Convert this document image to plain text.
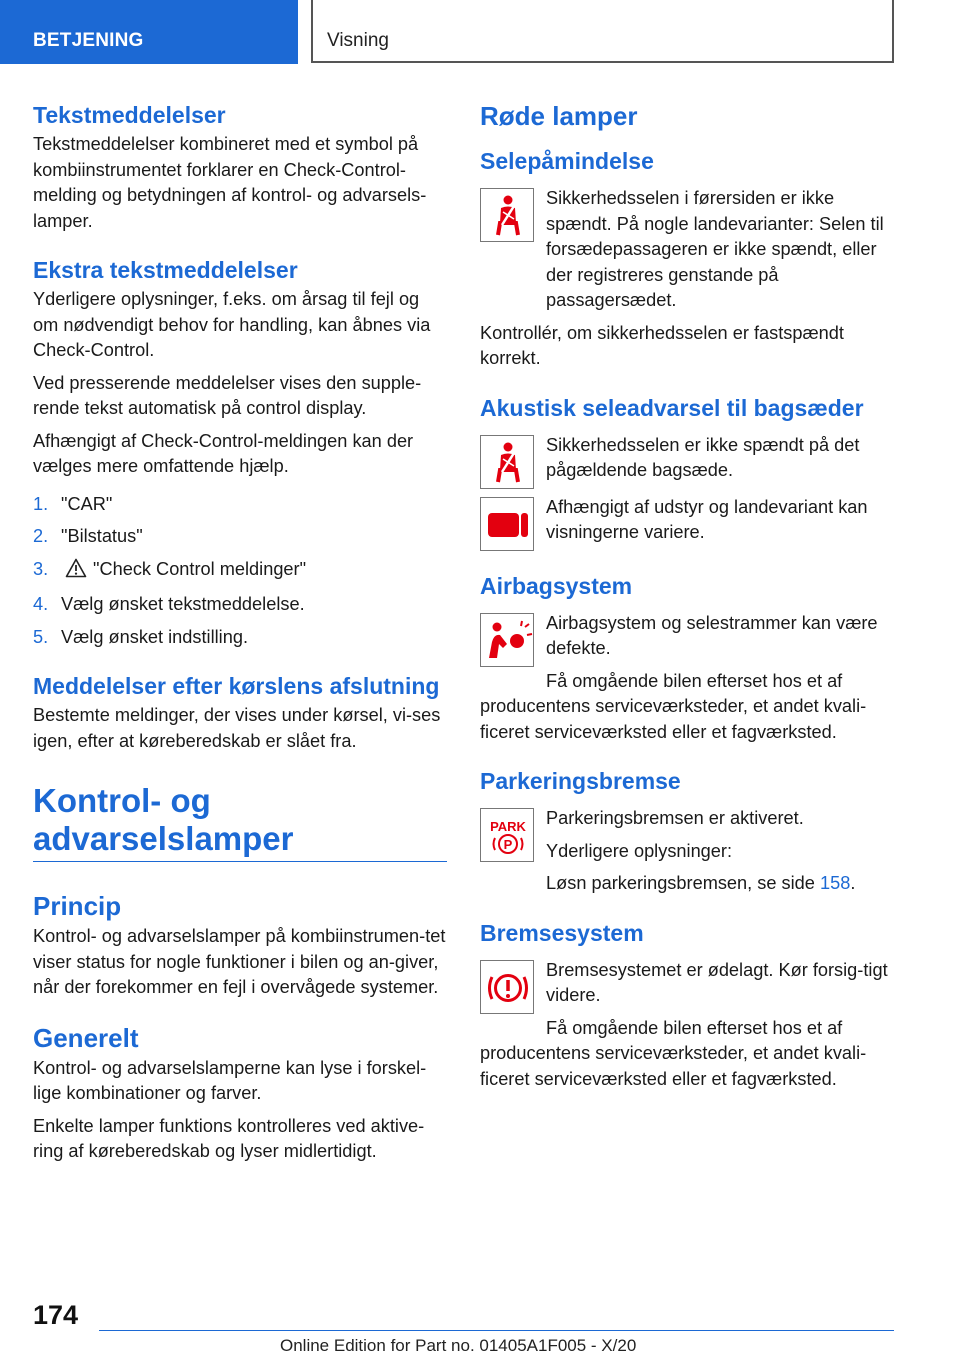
BETJENING	Visning
Tekstmeddelelser

Tekstmeddelelser kombineret med et symbol på kombiinstrumentet forklarer en Check-Control-melding og betydningen af kontrol- og advarsels-lamper.

Ekstra tekstmeddelelser

Yderligere oplysninger, f.eks. om årsag til fejl og om nødvendigt behov for handling, kan åbnes via Check-Control.

Ved presserende meddelelser vises den supple-rende tekst automatisk på control display.

Afhængigt af Check-Control-meldingen kan der vælges mere omfattende hjælp.

1. "CAR"
2. "Bilstatus"
3. "Check Control meldinger"
4. Vælg ønsket tekstmeddelelse.
5. Vælg ønsket indstilling.
Meddelelser efter kørslens afslutning

Bestemte meldinger, der vises under kørsel, vi-ses igen, efter at køreberedskab er slået fra.

Kontrol- og advarselslamper
Princip

Kontrol- og advarselslamper på kombiinstrumen-tet viser status for nogle funktioner i bilen og an-giver, når der forekommer en fejl i overvågede systemer.

Generelt

Kontrol- og advarselslamperne kan lyse i forskel-lige kombinationer og farver.

Enkelte lamper funktions kontrolleres ved aktive-ring af køreberedskab og lyser midlertidigt.

Røde lamper
Selepåmindelse

Sikkerhedsselen i førersiden er ikke spændt. På nogle landevarianter: Selen til forsædepassageren er ikke spændt, eller der registreres genstande på passagersædet.

Kontrollér, om sikkerhedsselen er fastspændt korrekt.

Akustisk seleadvarsel til bagsæder

Sikkerhedsselen er ikke spændt på det pågældende bagsæde.

Afhængigt af udstyr og landevariant kan visningerne variere.

Airbagsystem

Airbagsystem og selestrammer kan være defekte.

Få omgående bilen efterset hos et af producentens serviceværksteder, et andet kvali-ficeret serviceværksted eller et fagværksted.

Parkeringsbremse
PARK
P

Parkeringsbremsen er aktiveret.

Yderligere oplysninger:

Løsn parkeringsbremsen, se side 158.

Bremsesystem

Bremsesystemet er ødelagt. Kør forsig-tigt videre.

Få omgående bilen efterset hos et af producentens serviceværksteder, et andet kvali-ficeret serviceværksted eller et fagværksted.

174
Online Edition for Part no. 01405A1F005 - X/20
